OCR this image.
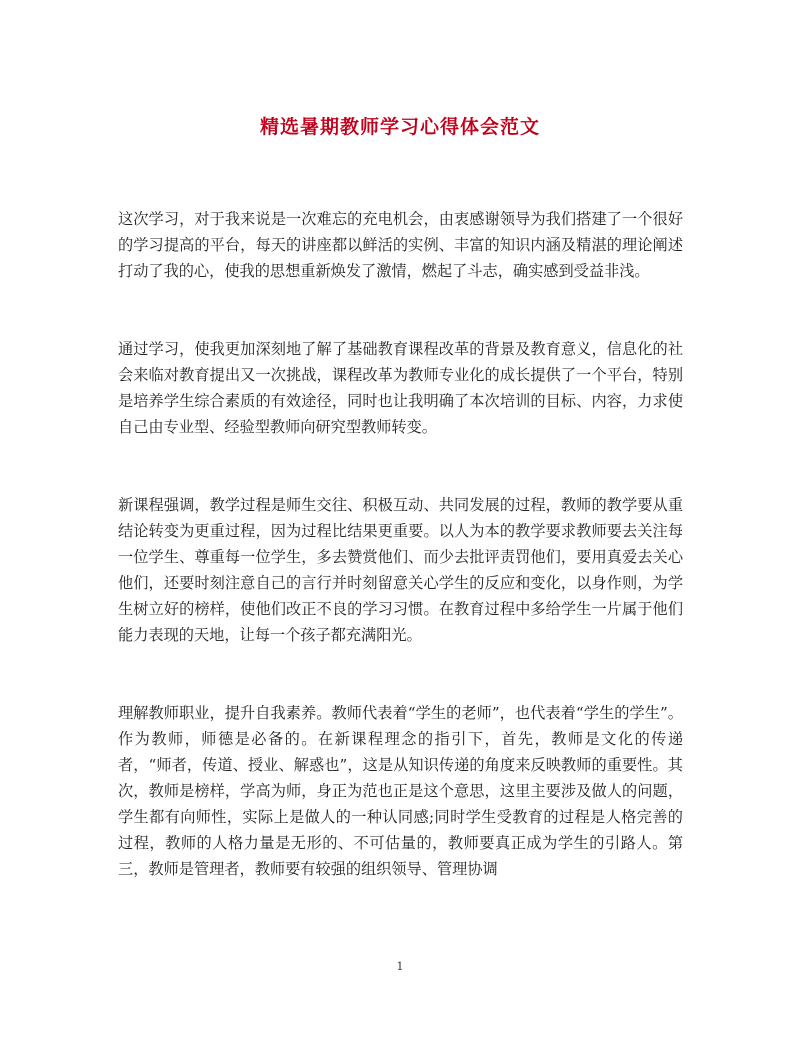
精选暑期教师学习心得体会范文

这次学习，对于我来说是一次难忘的充电机会，由衷感谢领导为我们搭建了一个很好的学习提高的平台，每天的讲座都以鲜活的实例、丰富的知识内涵及精湛的理论阐述打动了我的心，使我的思想重新焕发了激情，燃起了斗志，确实感到受益非浅。

通过学习，使我更加深刻地了解了基础教育课程改革的背景及教育意义，信息化的社会来临对教育提出又一次挑战，课程改革为教师专业化的成长提供了一个平台，特别是培养学生综合素质的有效途径，同时也让我明确了本次培训的目标、内容，力求使自己由专业型、经验型教师向研究型教师转变。

新课程强调，教学过程是师生交往、积极互动、共同发展的过程，教师的教学要从重结论转变为更重过程，因为过程比结果更重要。以人为本的教学要求教师要去关注每一位学生、尊重每一位学生，多去赞赏他们、而少去批评责罚他们，要用真爱去关心他们，还要时刻注意自己的言行并时刻留意关心学生的反应和变化，以身作则，为学生树立好的榜样，使他们改正不良的学习习惯。在教育过程中多给学生一片属于他们能力表现的天地，让每一个孩子都充满阳光。

理解教师职业，提升自我素养。教师代表着“学生的老师”，也代表着“学生的学生”。作为教师，师德是必备的。在新课程理念的指引下，首先，教师是文化的传递者，“师者，传道、授业、解惑也”，这是从知识传递的角度来反映教师的重要性。其次，教师是榜样，学高为师，身正为范也正是这个意思，这里主要涉及做人的问题，学生都有向师性，实际上是做人的一种认同感;同时学生受教育的过程是人格完善的过程，教师的人格力量是无形的、不可估量的，教师要真正成为学生的引路人。第三，教师是管理者，教师要有较强的组织领导、管理协调

1
